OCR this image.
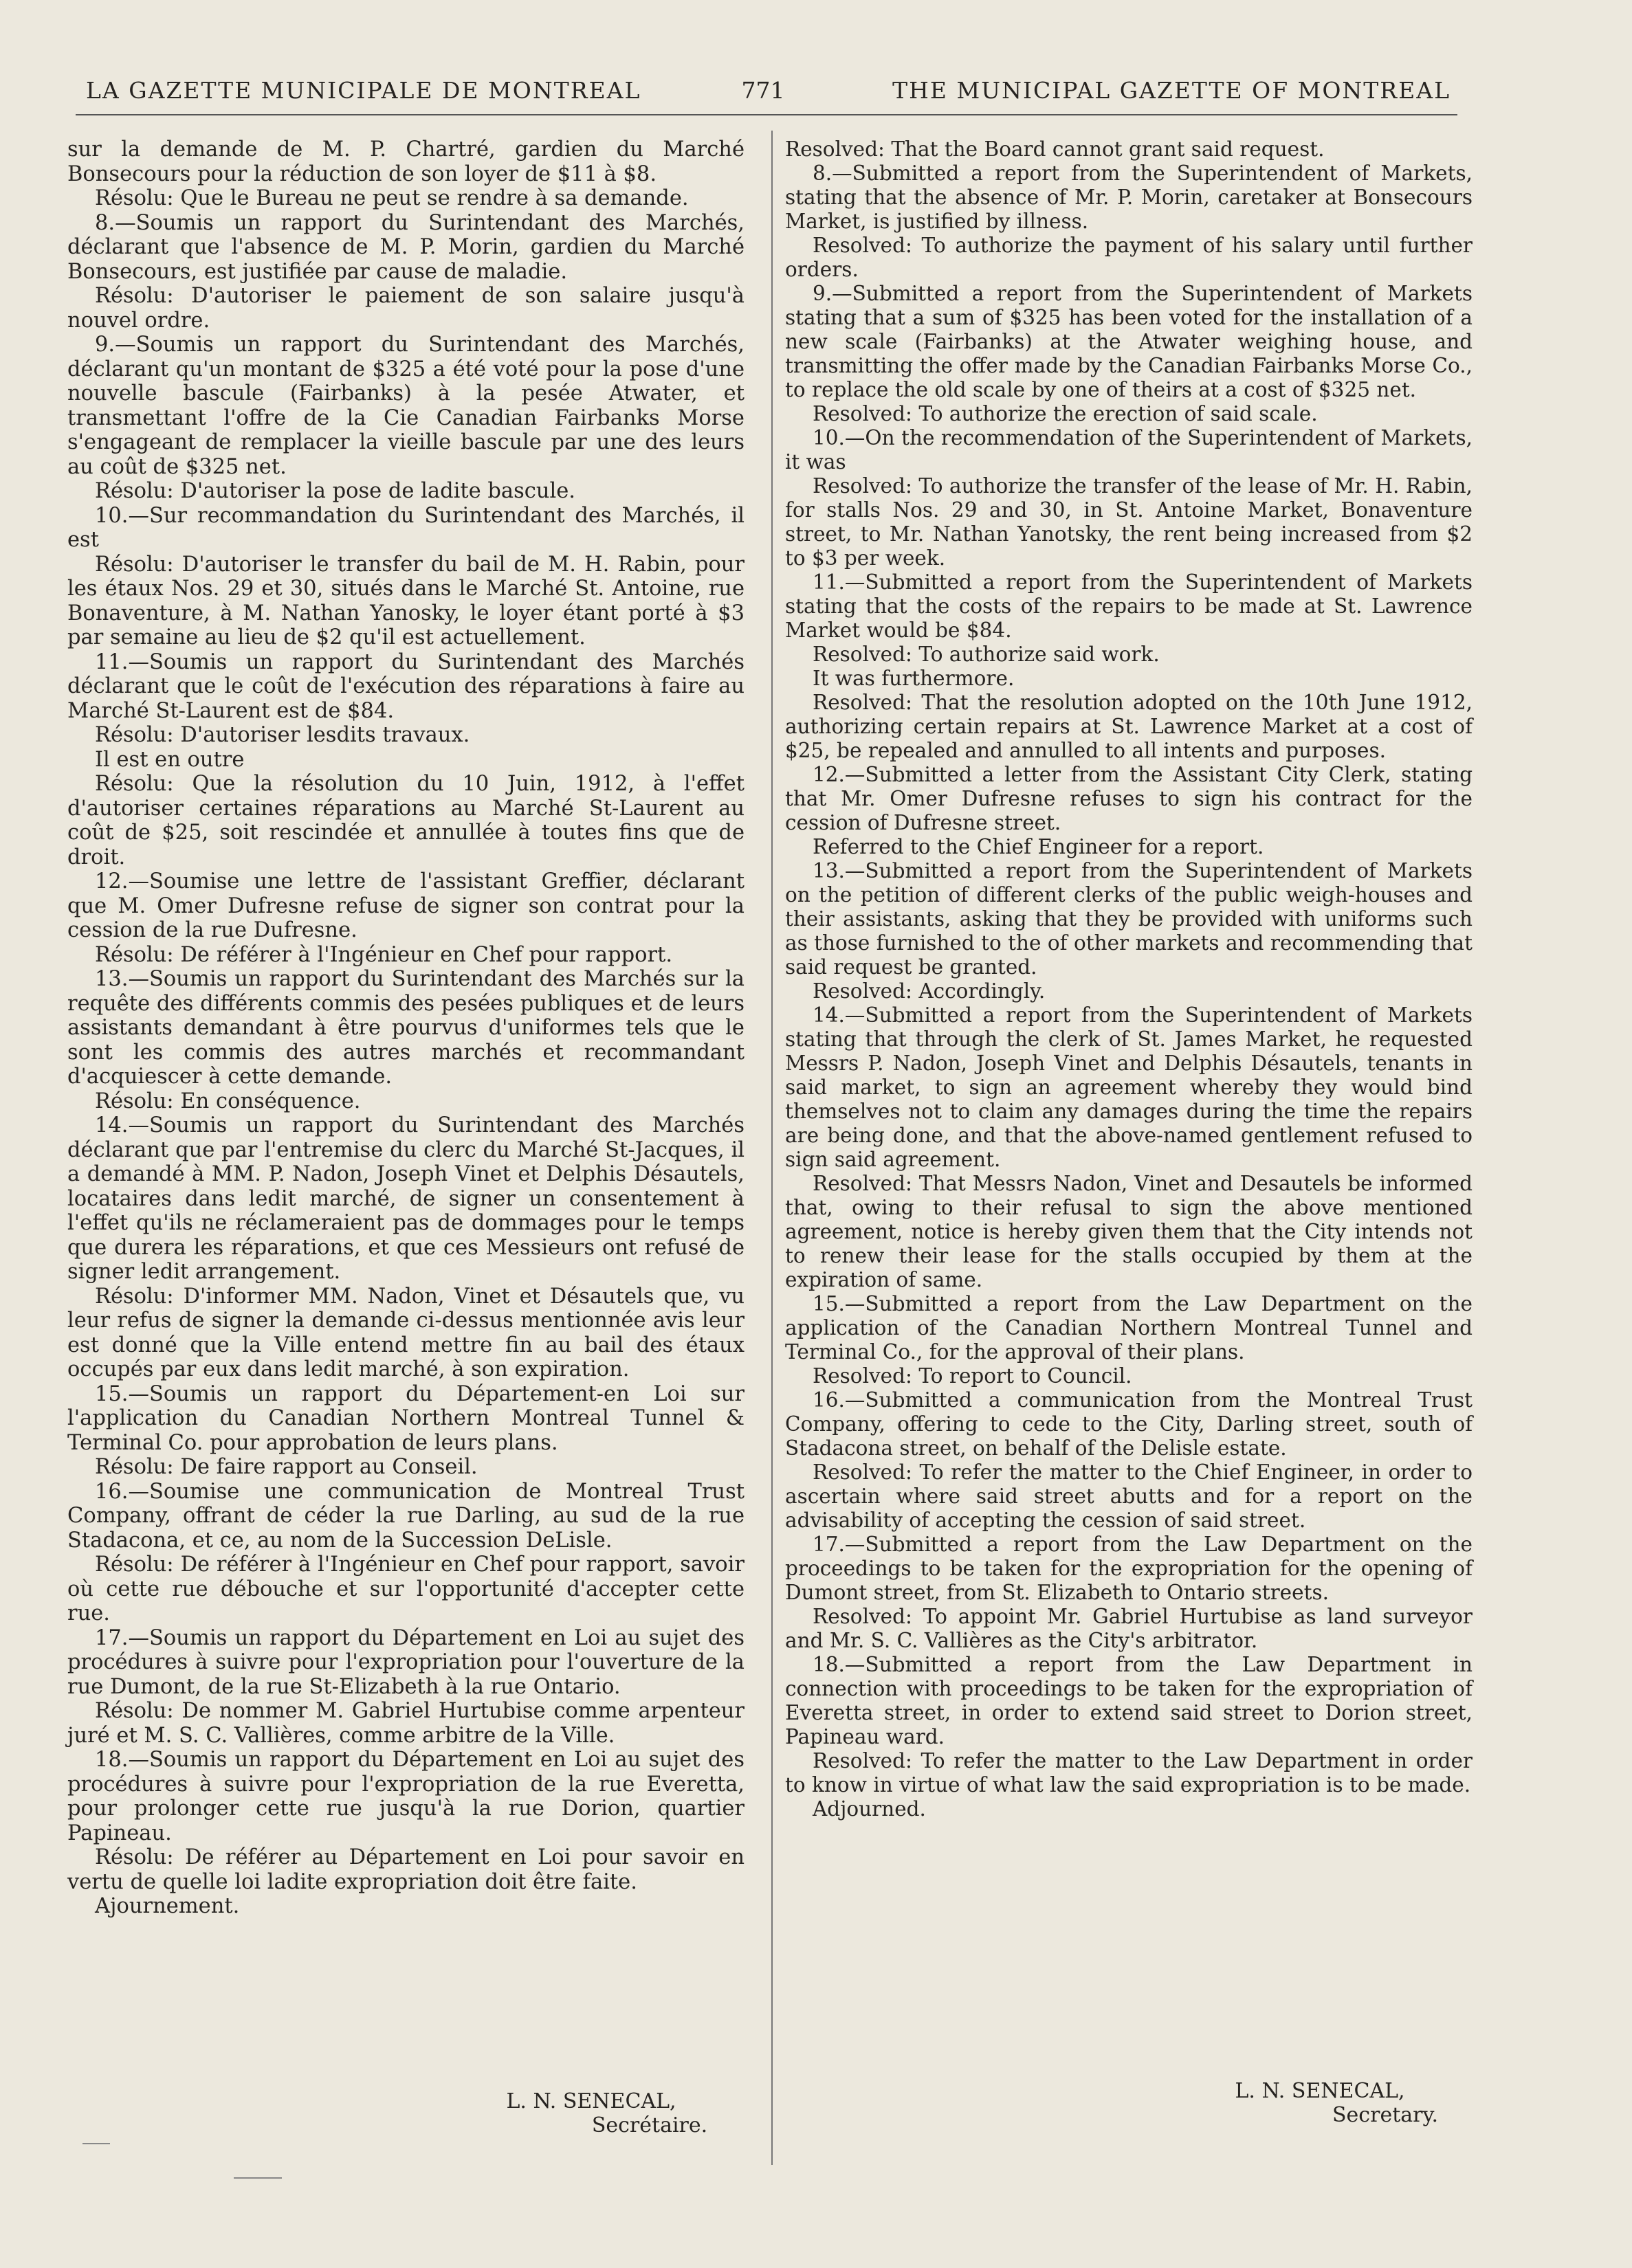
LA GAZETTE MUNICIPALE DE MONTREAL	771	THE MUNICIPAL GAZETTE OF MONTREAL

sur la demande de M. P. Chartré, gardien du Marché Bonsecours pour la réduction de son loyer de $11 à $8.

Résolu: Que le Bureau ne peut se rendre à sa demande.

8.—Soumis un rapport du Surintendant des Marchés, déclarant que l'absence de M. P. Morin, gardien du Marché Bonsecours, est justifiée par cause de maladie.

Résolu: D'autoriser le paiement de son salaire jusqu'à nouvel ordre.

9.—Soumis un rapport du Surintendant des Marchés, déclarant qu'un montant de $325 a été voté pour la pose d'une nouvelle bascule (Fairbanks) à la pesée Atwater, et transmettant l'offre de la Cie Canadian Fairbanks Morse s'engageant de remplacer la vieille bascule par une des leurs au coût de $325 net.

Résolu: D'autoriser la pose de ladite bascule.

10.—Sur recommandation du Surintendant des Marchés, il est

Résolu: D'autoriser le transfer du bail de M. H. Rabin, pour les étaux Nos. 29 et 30, situés dans le Marché St. Antoine, rue Bonaventure, à M. Nathan Yanosky, le loyer étant porté à $3 par semaine au lieu de $2 qu'il est actuellement.

11.—Soumis un rapport du Surintendant des Marchés déclarant que le coût de l'exécution des réparations à faire au Marché St-Laurent est de $84.

Résolu: D'autoriser lesdits travaux.

Il est en outre

Résolu: Que la résolution du 10 Juin, 1912, à l'effet d'autoriser certaines réparations au Marché St-Laurent au coût de $25, soit rescindée et annullée à toutes fins que de droit.

12.—Soumise une lettre de l'assistant Greffier, déclarant que M. Omer Dufresne refuse de signer son contrat pour la cession de la rue Dufresne.

Résolu: De référer à l'Ingénieur en Chef pour rapport.

13.—Soumis un rapport du Surintendant des Marchés sur la requête des différents commis des pesées publiques et de leurs assistants demandant à être pourvus d'uniformes tels que le sont les commis des autres marchés et recommandant d'acquiescer à cette demande.

Résolu: En conséquence.

14.—Soumis un rapport du Surintendant des Marchés déclarant que par l'entremise du clerc du Marché St-Jacques, il a demandé à MM. P. Nadon, Joseph Vinet et Delphis Désautels, locataires dans ledit marché, de signer un consentement à l'effet qu'ils ne réclameraient pas de dommages pour le temps que durera les réparations, et que ces Messieurs ont refusé de signer ledit arrangement.

Résolu: D'informer MM. Nadon, Vinet et Désautels que, vu leur refus de signer la demande ci-dessus mentionnée avis leur est donné que la Ville entend mettre fin au bail des étaux occupés par eux dans ledit marché, à son expiration.

15.—Soumis un rapport du Département-en Loi sur l'application du Canadian Northern Montreal Tunnel & Terminal Co. pour approbation de leurs plans.

Résolu: De faire rapport au Conseil.

16.—Soumise une communication de Montreal Trust Company, offrant de céder la rue Darling, au sud de la rue Stadacona, et ce, au nom de la Succession DeLisle.

Résolu: De référer à l'Ingénieur en Chef pour rapport, savoir où cette rue débouche et sur l'opportunité d'accepter cette rue.

17.—Soumis un rapport du Département en Loi au sujet des procédures à suivre pour l'expropriation pour l'ouverture de la rue Dumont, de la rue St-Elizabeth à la rue Ontario.

Résolu: De nommer M. Gabriel Hurtubise comme arpenteur juré et M. S. C. Vallières, comme arbitre de la Ville.

18.—Soumis un rapport du Département en Loi au sujet des procédures à suivre pour l'expropriation de la rue Everetta, pour prolonger cette rue jusqu'à la rue Dorion, quartier Papineau.

Résolu: De référer au Département en Loi pour savoir en vertu de quelle loi ladite expropriation doit être faite.

Ajournement.

Resolved: That the Board cannot grant said request.

8.—Submitted a report from the Superintendent of Markets, stating that the absence of Mr. P. Morin, caretaker at Bonsecours Market, is justified by illness.

Resolved: To authorize the payment of his salary until further orders.

9.—Submitted a report from the Superintendent of Markets stating that a sum of $325 has been voted for the installation of a new scale (Fairbanks) at the Atwater weighing house, and transmitting the offer made by the Canadian Fairbanks Morse Co., to replace the old scale by one of theirs at a cost of $325 net.

Resolved: To authorize the erection of said scale.

10.—On the recommendation of the Superintendent of Markets, it was

Resolved: To authorize the transfer of the lease of Mr. H. Rabin, for stalls Nos. 29 and 30, in St. Antoine Market, Bonaventure street, to Mr. Nathan Yanotsky, the rent being increased from $2 to $3 per week.

11.—Submitted a report from the Superintendent of Markets stating that the costs of the repairs to be made at St. Lawrence Market would be $84.

Resolved: To authorize said work.

It was furthermore.

Resolved: That the resolution adopted on the 10th June 1912, authorizing certain repairs at St. Lawrence Market at a cost of $25, be repealed and annulled to all intents and purposes.

12.—Submitted a letter from the Assistant City Clerk, stating that Mr. Omer Dufresne refuses to sign his contract for the cession of Dufresne street.

Referred to the Chief Engineer for a report.

13.—Submitted a report from the Superintendent of Markets on the petition of different clerks of the public weigh-houses and their assistants, asking that they be provided with uniforms such as those furnished to the of other markets and recommending that said request be granted.

Resolved: Accordingly.

14.—Submitted a report from the Superintendent of Markets stating that through the clerk of St. James Market, he requested Messrs P. Nadon, Joseph Vinet and Delphis Désautels, tenants in said market, to sign an agreement whereby they would bind themselves not to claim any damages during the time the repairs are being done, and that the above-named gentlement refused to sign said agreement.

Resolved: That Messrs Nadon, Vinet and Desautels be informed that, owing to their refusal to sign the above mentioned agreement, notice is hereby given them that the City intends not to renew their lease for the stalls occupied by them at the expiration of same.

15.—Submitted a report from the Law Department on the application of the Canadian Northern Montreal Tunnel and Terminal Co., for the approval of their plans.

Resolved: To report to Council.

16.—Submitted a communication from the Montreal Trust Company, offering to cede to the City, Darling street, south of Stadacona street, on behalf of the Delisle estate.

Resolved: To refer the matter to the Chief Engineer, in order to ascertain where said street abutts and for a report on the advisability of accepting the cession of said street.

17.—Submitted a report from the Law Department on the proceedings to be taken for the expropriation for the opening of Dumont street, from St. Elizabeth to Ontario streets.

Resolved: To appoint Mr. Gabriel Hurtubise as land surveyor and Mr. S. C. Vallières as the City's arbitrator.

18.—Submitted a report from the Law Department in connection with proceedings to be taken for the expropriation of Everetta street, in order to extend said street to Dorion street, Papineau ward.

Resolved: To refer the matter to the Law Department in order to know in virtue of what law the said expropriation is to be made.

Adjourned.

L. N. SENECAL,
Secrétaire.
L. N. SENECAL,
Secretary.
